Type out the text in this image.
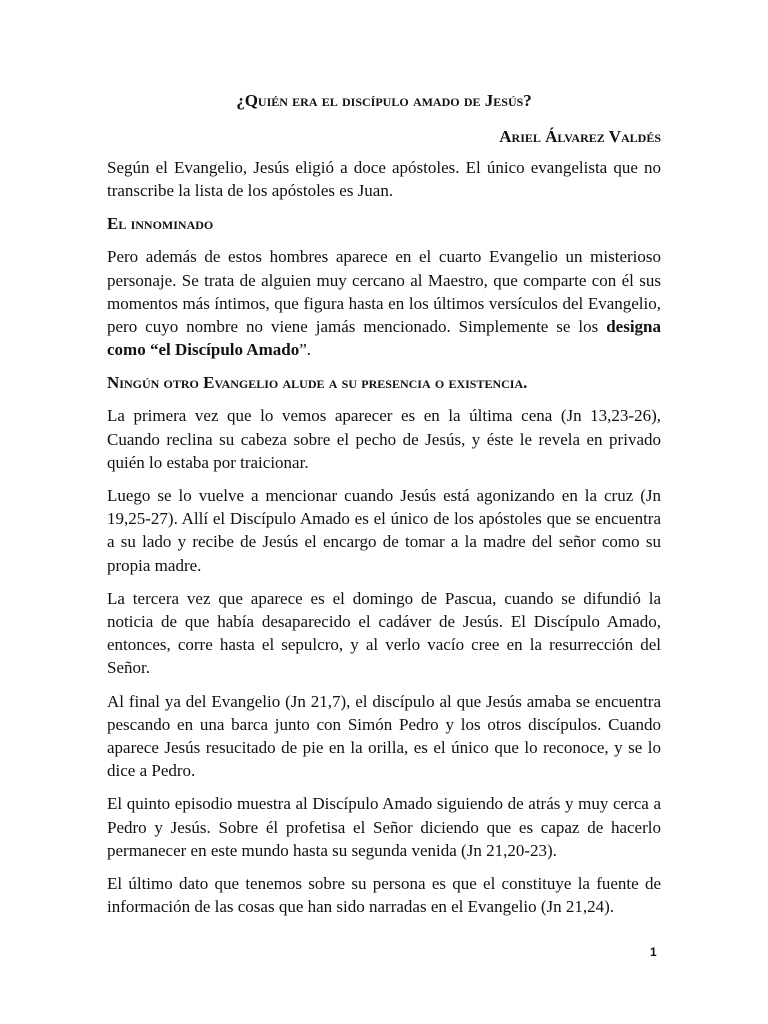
¿Quién era el discípulo amado de Jesús?
Ariel Álvarez Valdés

Según el Evangelio, Jesús eligió a doce apóstoles. El único evangelista que no transcribe la lista de los apóstoles es Juan.

El innominado

Pero además de estos hombres aparece en el cuarto Evangelio un misterioso personaje. Se trata de alguien muy cercano al Maestro, que comparte con él sus momentos más íntimos, que figura hasta en los últimos versículos del Evangelio, pero cuyo nombre no viene jamás mencionado. Simplemente se los designa como “el Discípulo Amado”.

Ningún otro Evangelio alude a su presencia o existencia.

La primera vez que lo vemos aparecer es en la última cena (Jn 13,23-26), Cuando reclina su cabeza sobre el pecho de Jesús, y éste le revela en privado quién lo estaba por traicionar.

Luego se lo vuelve a mencionar cuando Jesús está agonizando en la cruz (Jn 19,25-27). Allí el Discípulo Amado es el único de los apóstoles que se encuentra a su lado y recibe de Jesús el encargo de tomar a la madre del señor como su propia madre.

La tercera vez que aparece es el domingo de Pascua, cuando se difundió la noticia de que había desaparecido el cadáver de Jesús. El Discípulo Amado, entonces, corre hasta el sepulcro, y al verlo vacío cree en la resurrección del Señor.

Al final ya del Evangelio (Jn 21,7), el discípulo al que Jesús amaba se encuentra pescando en una barca junto con Simón Pedro y los otros discípulos. Cuando aparece Jesús resucitado de pie en la orilla, es el único que lo reconoce, y se lo dice a Pedro.

El quinto episodio muestra al Discípulo Amado siguiendo de atrás y muy cerca a Pedro y Jesús. Sobre él profetisa el Señor diciendo que es capaz de hacerlo permanecer en este mundo hasta su segunda venida (Jn 21,20-23).

El último dato que tenemos sobre su persona es que el constituye la fuente de información de las cosas que han sido narradas en el Evangelio (Jn 21,24).

1
